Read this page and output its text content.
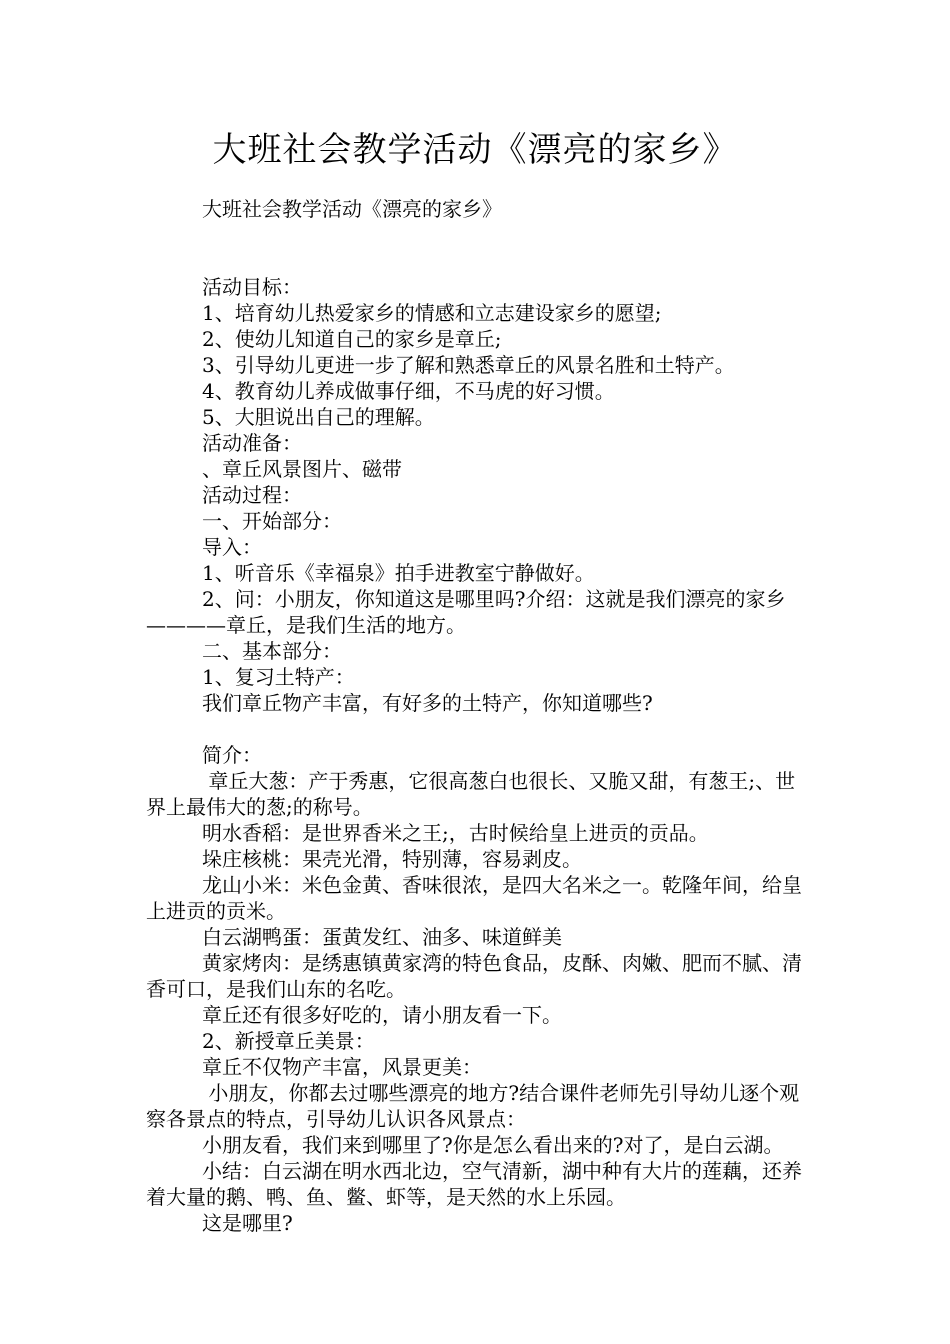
大班社会教学活动《漂亮的家乡》

大班社会教学活动《漂亮的家乡》

活动目标：

1、培育幼儿热爱家乡的情感和立志建设家乡的愿望;

2、使幼儿知道自己的家乡是章丘;

3、引导幼儿更进一步了解和熟悉章丘的风景名胜和土特产。

4、教育幼儿养成做事仔细，不马虎的好习惯。

5、大胆说出自己的理解。

活动准备：

、章丘风景图片、磁带

活动过程：

一、开始部分：

导入：

1、听音乐《幸福泉》拍手进教室宁静做好。

2、问：小朋友，你知道这是哪里吗?介绍：这就是我们漂亮的家乡————章丘，是我们生活的地方。

二、基本部分：

1、复习土特产：

我们章丘物产丰富，有好多的土特产，你知道哪些?

简介：

章丘大葱：产于秀惠，它很高葱白也很长、又脆又甜，有葱王;、世界上最伟大的葱;的称号。

明水香稻：是世界香米之王;，古时候给皇上进贡的贡品。

垛庄核桃：果壳光滑，特别薄，容易剥皮。

龙山小米：米色金黄、香味很浓，是四大名米之一。乾隆年间，给皇上进贡的贡米。

白云湖鸭蛋：蛋黄发红、油多、味道鲜美

黄家烤肉：是绣惠镇黄家湾的特色食品，皮酥、肉嫩、肥而不腻、清香可口，是我们山东的名吃。

章丘还有很多好吃的，请小朋友看一下。

2、新授章丘美景：

章丘不仅物产丰富，风景更美：

小朋友，你都去过哪些漂亮的地方?结合课件老师先引导幼儿逐个观察各景点的特点，引导幼儿认识各风景点：

小朋友看，我们来到哪里了?你是怎么看出来的?对了，是白云湖。

小结：白云湖在明水西北边，空气清新，湖中种有大片的莲藕，还养着大量的鹅、鸭、鱼、鳖、虾等，是天然的水上乐园。

这是哪里?
